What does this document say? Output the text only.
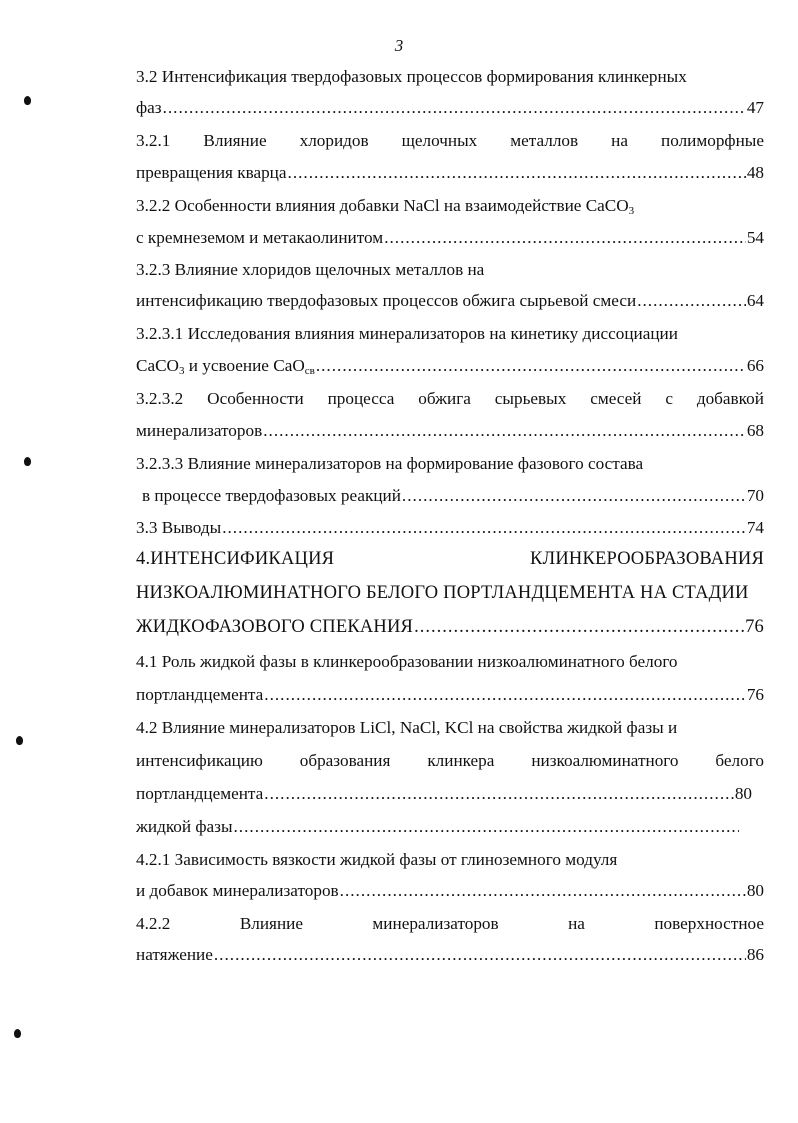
3
3.2 Интенсификация твердофазовых процессов формирования клинкерных
фаз .....	47
3.2.1 Влияние хлоридов щелочных металлов на полиморфные
превращения кварца .....	48
3.2.2 Особенности влияния добавки NaCl на взаимодействие CaCO$_3$
с кремнеземом и метакаолинитом .....	54
3.2.3 Влияние хлоридов щелочных металлов на
интенсификацию твердофазовых процессов обжига сырьевой смеси .....	64
3.2.3.1 Исследования влияния минерализаторов на кинетику диссоциации
CaCO$_3$ и усвоение CaO$_{св}$ .....	66
3.2.3.2 Особенности процесса обжига сырьевых смесей с добавкой
минерализаторов .....	68
3.2.3.3 Влияние минерализаторов на формирование фазового состава
в процессе твердофазовых реакций .....	70
3.3 Выводы .....	74
4.ИНТЕНСИФИКАЦИЯ	КЛИНКЕРООБРАЗОВАНИЯ
НИЗКОАЛЮМИНАТНОГО БЕЛОГО ПОРТЛАНДЦЕМЕНТА НА СТАДИИ
ЖИДКОФАЗОВОГО СПЕКАНИЯ .....	76
4.1 Роль жидкой фазы в клинкерообразовании низкоалюминатного белого
портландцемента .....	76
4.2 Влияние минерализаторов LiCl, NaCl, KCl на свойства жидкой фазы и
интенсификацию образования клинкера низкоалюминатного белого
портландцемента .....	80
жидкой фазы
.....
4.2.1 Зависимость вязкости жидкой фазы от глиноземного модуля
и добавок минерализаторов .....	80
4.2.2	Влияние	минерализаторов	на	поверхностное
натяжение .....	86
